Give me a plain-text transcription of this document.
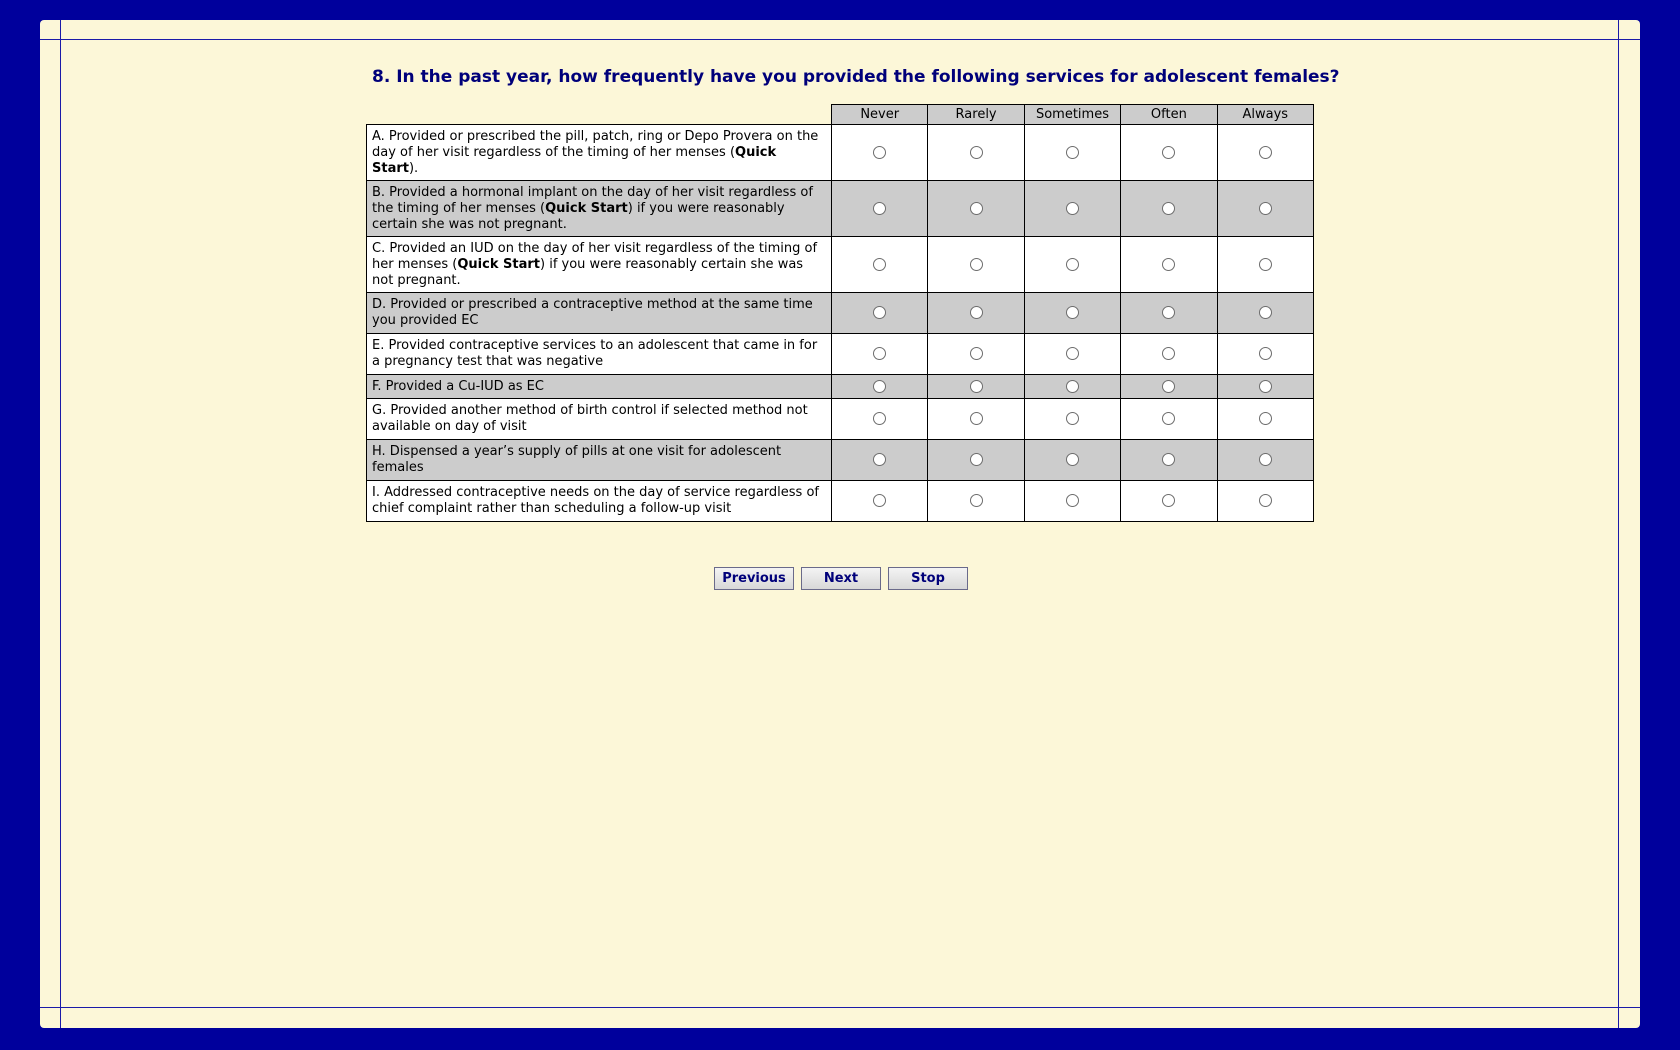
8. In the past year, how frequently have you provided the following services for adolescent females?
	Never	Rarely	Sometimes	Often	Always
A. Provided or prescribed the pill, patch, ring or Depo Provera on the day of her visit regardless of the timing of her menses (Quick Start).					
B. Provided a hormonal implant on the day of her visit regardless of the timing of her menses (Quick Start) if you were reasonably certain she was not pregnant.					
C. Provided an IUD on the day of her visit regardless of the timing of her menses (Quick Start) if you were reasonably certain she was not pregnant.					
D. Provided or prescribed a contraceptive method at the same time you provided EC					
E. Provided contraceptive services to an adolescent that came in for a pregnancy test that was negative					
F. Provided a Cu-IUD as EC					
G. Provided another method of birth control if selected method not available on day of visit					
H. Dispensed a year’s supply of pills at one visit for adolescent females					
I. Addressed contraceptive needs on the day of service regardless of chief complaint rather than scheduling a follow-up visit					
Previous	Next	Stop
